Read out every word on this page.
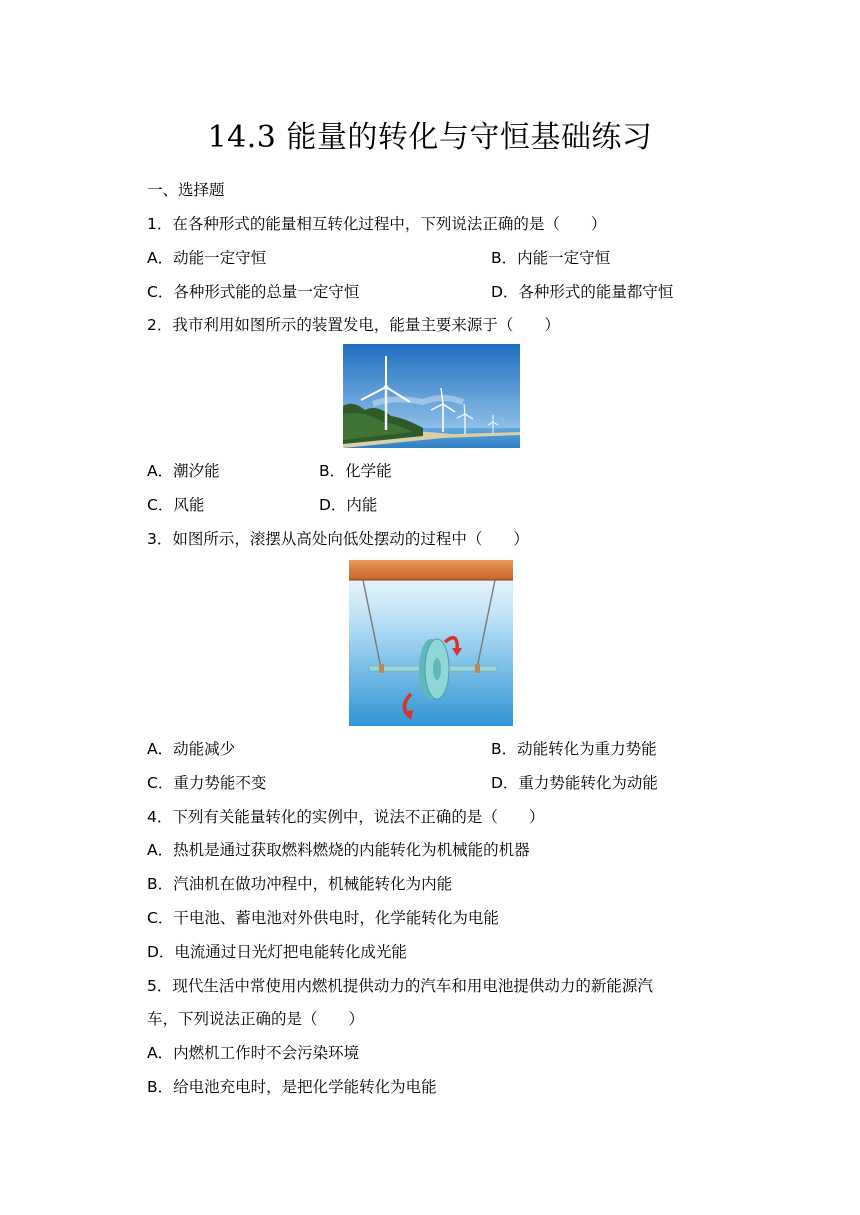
14.3 能量的转化与守恒基础练习
一、选择题
1．在各种形式的能量相互转化过程中，下列说法正确的是（　　）
A．动能一定守恒	B．内能一定守恒
C．各种形式能的总量一定守恒	D．各种形式的能量都守恒
2．我市利用如图所示的装置发电，能量主要来源于（　　）
A．潮汐能	B．化学能
C．风能	D．内能
3．如图所示，滚摆从高处向低处摆动的过程中（　　）
A．动能减少	B．动能转化为重力势能
C．重力势能不变	D．重力势能转化为动能
4．下列有关能量转化的实例中，说法不正确的是（　　）
A．热机是通过获取燃料燃烧的内能转化为机械能的机器
B．汽油机在做功冲程中，机械能转化为内能
C．干电池、蓄电池对外供电时，化学能转化为电能
D．电流通过日光灯把电能转化成光能
5．现代生活中常使用内燃机提供动力的汽车和用电池提供动力的新能源汽
车，下列说法正确的是（　　）
A．内燃机工作时不会污染环境
B．给电池充电时，是把化学能转化为电能
